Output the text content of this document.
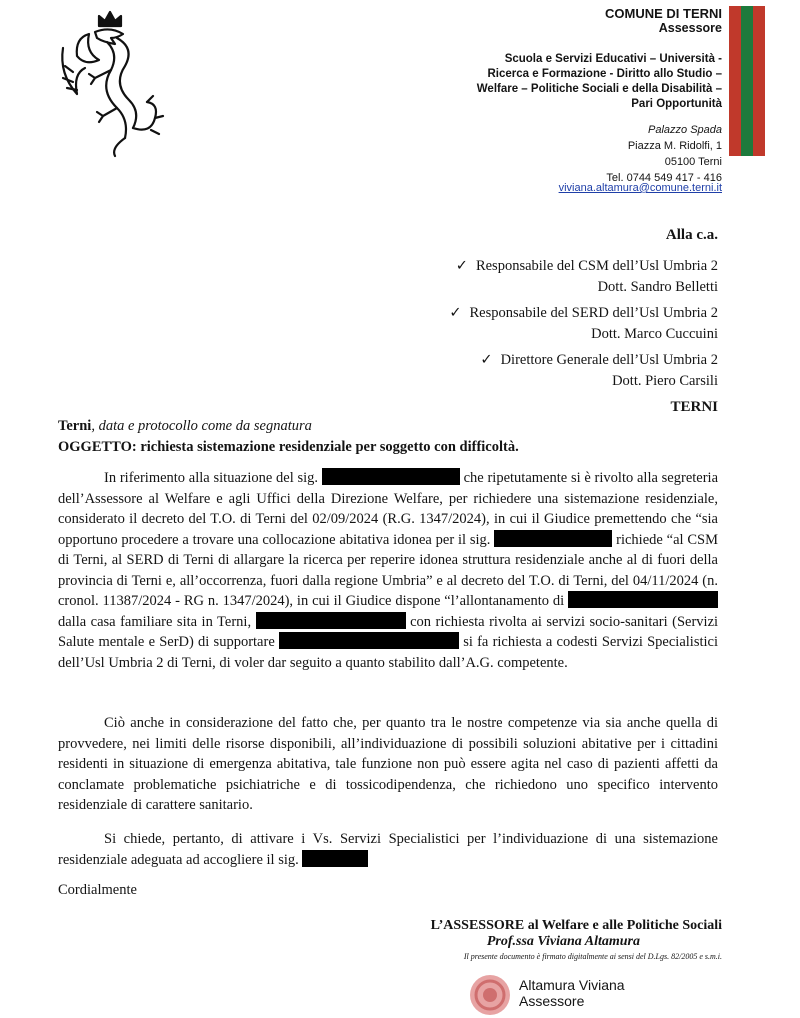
COMUNE DI TERNI
Assessore
Scuola e Servizi Educativi – Università -
Ricerca e Formazione - Diritto allo Studio –
Welfare – Politiche Sociali e della Disabilità –
Pari Opportunità
Palazzo Spada
Piazza M. Ridolfi, 1
05100 Terni
Tel. 0744 549 417 - 416
viviana.altamura@comune.terni.it
Alla c.a.
✓ Responsabile del CSM dell’Usl Umbria 2
Dott. Sandro Belletti
✓ Responsabile del SERD dell’Usl Umbria 2
Dott. Marco Cuccuini
✓ Direttore Generale dell’Usl Umbria 2
Dott. Piero Carsili
TERNI
Terni, data e protocollo come da segnatura
OGGETTO: richiesta sistemazione residenziale per soggetto con difficoltà.

In riferimento alla situazione del sig.	che ripetutamente si è rivolto alla segreteria dell’Assessore al Welfare e agli Uffici della Direzione Welfare, per richiedere una sistemazione residenziale, considerato il decreto del T.O. di Terni del 02/09/2024 (R.G. 1347/2024), in cui il Giudice premettendo che “sia opportuno procedere a trovare una collocazione abitativa idonea per il sig.	richiede “al CSM di Terni, al SERD di Terni di allargare la ricerca per reperire idonea struttura residenziale anche al di fuori della provincia di Terni e, all’occorrenza, fuori dalla regione Umbria” e al decreto del T.O. di Terni, del 04/11/2024 (n. cronol. 11387/2024 - RG n. 1347/2024), in cui il Giudice dispone “l’allontanamento di  dalla casa familiare sita in Terni,	con richiesta rivolta ai servizi socio-sanitari (Servizi Salute mentale e SerD) di supportare	si fa richiesta a codesti Servizi Specialistici dell’Usl Umbria 2 di Terni, di voler dar seguito a quanto stabilito dall’A.G. competente.

Ciò anche in considerazione del fatto che, per quanto tra le nostre competenze via sia anche quella di provvedere, nei limiti delle risorse disponibili, all’individuazione di possibili soluzioni abitative per i cittadini residenti in situazione di emergenza abitativa, tale funzione non può essere agita nel caso di pazienti affetti da conclamate problematiche psichiatriche e di tossicodipendenza, che richiedono uno specifico intervento residenziale di carattere sanitario.

Si chiede, pertanto, di attivare i Vs. Servizi Specialistici per l’individuazione di una sistemazione residenziale adeguata ad accogliere il sig.

Cordialmente
L’ASSESSORE al Welfare e alle Politiche Sociali
Prof.ssa Viviana Altamura
Il presente documento è firmato digitalmente ai sensi del D.Lgs. 82/2005 e s.m.i.
Altamura Viviana
Assessore
